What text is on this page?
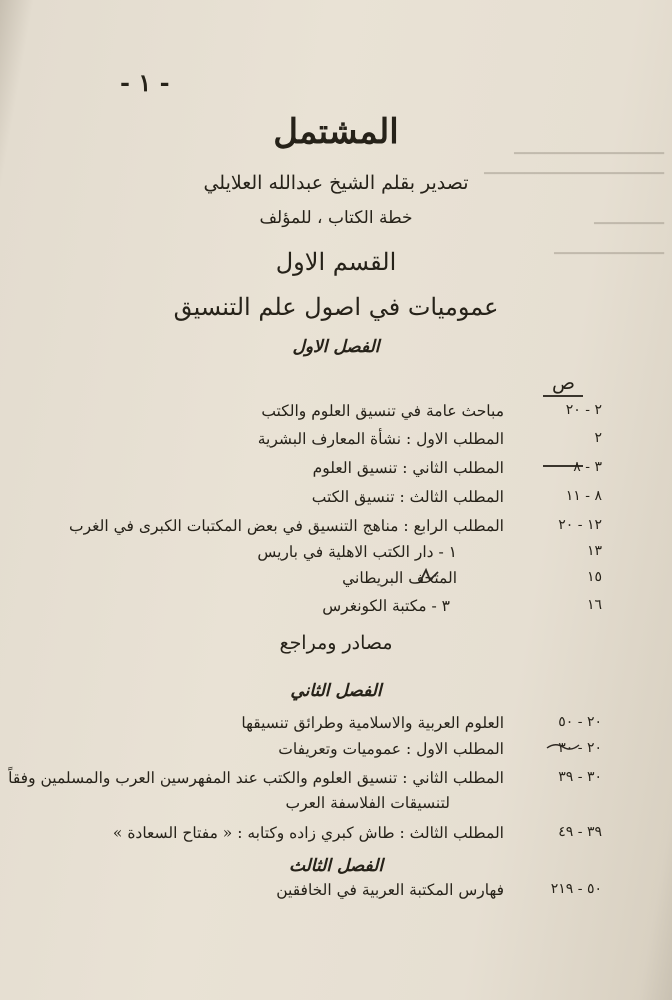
▁▁▁▁▁▁▁▁▁▁▁▁▁▁▁
▁▁▁▁▁▁▁▁▁▁▁▁▁▁▁▁▁▁
▁▁▁▁▁▁▁
▁▁▁▁▁▁▁▁▁▁▁
- ١ -
المشتمل
تصدير بقلم الشيخ عبدالله العلايلي
خطة الكتاب ، للمؤلف
القسم الاول
عموميات في اصول علم التنسيق
الفصل الاول
ص
٢ - ٢٠
مباحث عامة في تنسيق العلوم والكتب
٢
المطلب الاول : نشأة المعارف البشرية
٣ - ٨
المطلب الثاني : تنسيق العلوم
٨ - ١١
المطلب الثالث : تنسيق الكتب
١٢ - ٢٠
المطلب الرابع : مناهج التنسيق في بعض المكتبات الكبرى في الغرب
١٣
١ - دار الكتب الاهلية في باريس
١٥
المتحف البريطاني
١٦
٣ - مكتبة الكونغرس
مصادر ومراجع
الفصل الثاني
٢٠ - ٥٠
العلوم العربية والاسلامية وطرائق تنسيقها
٢٠ - ٣٠
المطلب الاول : عموميات وتعريفات
٣٠ - ٣٩
المطلب الثاني : تنسيق العلوم والكتب عند المفهرسين العرب والمسلمين وفقاً
لتنسيقات الفلاسفة العرب
٣٩ - ٤٩
المطلب الثالث : طاش كبري زاده وكتابه : « مفتاح السعادة »
الفصل الثالث
٥٠ - ٢١٩
فهارس المكتبة العربية في الخافقين
